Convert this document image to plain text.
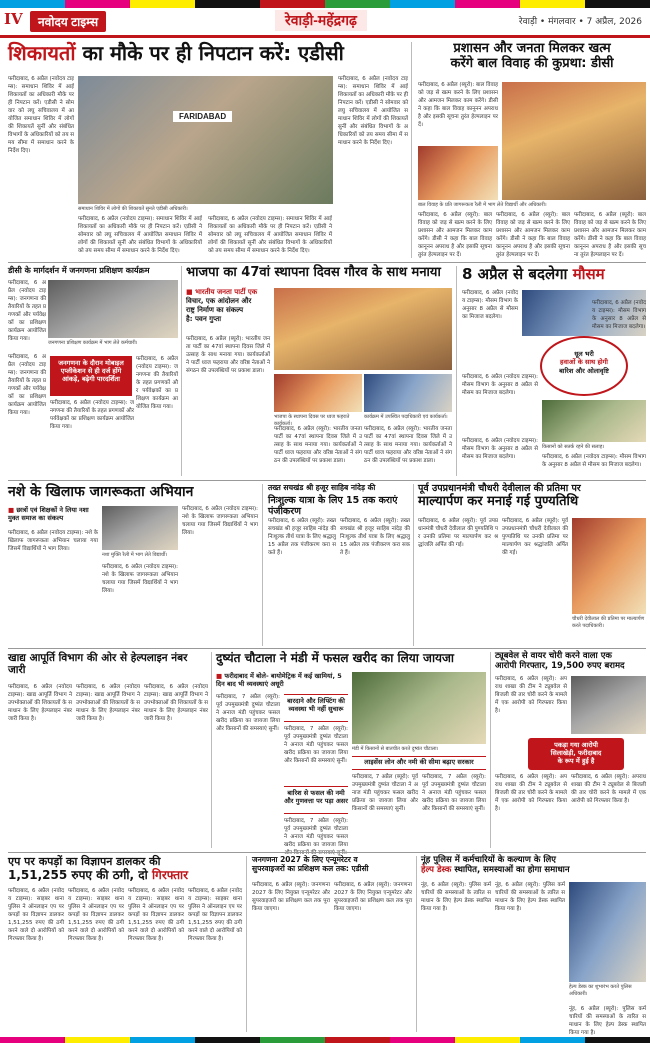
IV	नवोदय टाइम्स	रेवाड़ी-महेंद्रगढ़	रेवाड़ी • मंगलवार • 7 अप्रैल, 2026
शिकायतों का मौके पर ही निपटान करें: एडीसी
फरीदाबाद, 6 अप्रैल (नवोदय टाइम्स): समाधान शिविर में आई शिकायतों का अधिकारी मौके पर ही निपटान करें। एडीसी ने सोमवार को लघु सचिवालय में आयोजित समाधान शिविर में लोगों की शिकायतें सुनीं और संबंधित विभागों के अधिकारियों को तय समय सीमा में समाधान करने के निर्देश दिए।
FARIDABAD
समाधान शिविर में लोगों की शिकायतें सुनते एडीसी अधिकारी।
फरीदाबाद, 6 अप्रैल (नवोदय टाइम्स): समाधान शिविर में आई शिकायतों का अधिकारी मौके पर ही निपटान करें। एडीसी ने सोमवार को लघु सचिवालय में आयोजित समाधान शिविर में लोगों की शिकायतें सुनीं और संबंधित विभागों के अधिकारियों को तय समय सीमा में समाधान करने के निर्देश दिए।
फरीदाबाद, 6 अप्रैल (नवोदय टाइम्स): समाधान शिविर में आई शिकायतों का अधिकारी मौके पर ही निपटान करें। एडीसी ने सोमवार को लघु सचिवालय में आयोजित समाधान शिविर में लोगों की शिकायतें सुनीं और संबंधित विभागों के अधिकारियों को तय समय सीमा में समाधान करने के निर्देश दिए।
फरीदाबाद, 6 अप्रैल (नवोदय टाइम्स): समाधान शिविर में आई शिकायतों का अधिकारी मौके पर ही निपटान करें। एडीसी ने सोमवार को लघु सचिवालय में आयोजित समाधान शिविर में लोगों की शिकायतें सुनीं और संबंधित विभागों के अधिकारियों को तय समय सीमा में समाधान करने के निर्देश दिए।
प्रशासन और जनता मिलकर खत्म
करेंगे बाल विवाह की कुप्रथा: डीसी
फरीदाबाद, 6 अप्रैल (ब्यूरो): बाल विवाह को जड़ से खत्म करने के लिए प्रशासन और आमजन मिलकर काम करेंगे। डीसी ने कहा कि बाल विवाह कानूनन अपराध है और इसकी सूचना तुरंत हेल्पलाइन पर दें।
बाल विवाह के प्रति जागरूकता रैली में भाग लेते विद्यार्थी और अधिकारी।
फरीदाबाद, 6 अप्रैल (ब्यूरो): बाल विवाह को जड़ से खत्म करने के लिए प्रशासन और आमजन मिलकर काम करेंगे। डीसी ने कहा कि बाल विवाह कानूनन अपराध है और इसकी सूचना तुरंत हेल्पलाइन पर दें।
फरीदाबाद, 6 अप्रैल (ब्यूरो): बाल विवाह को जड़ से खत्म करने के लिए प्रशासन और आमजन मिलकर काम करेंगे। डीसी ने कहा कि बाल विवाह कानूनन अपराध है और इसकी सूचना तुरंत हेल्पलाइन पर दें।
फरीदाबाद, 6 अप्रैल (ब्यूरो): बाल विवाह को जड़ से खत्म करने के लिए प्रशासन और आमजन मिलकर काम करेंगे। डीसी ने कहा कि बाल विवाह कानूनन अपराध है और इसकी सूचना तुरंत हेल्पलाइन पर दें।
डीसी के मार्गदर्शन में जनगणना प्रशिक्षण कार्यक्रम
फरीदाबाद, 6 अप्रैल (नवोदय टाइम्स): जनगणना की तैयारियों के तहत प्रगणकों और पर्यवेक्षकों का प्रशिक्षण कार्यक्रम आयोजित किया गया।
जनगणना प्रशिक्षण कार्यक्रम में भाग लेते कर्मचारी।
फरीदाबाद, 6 अप्रैल (नवोदय टाइम्स): जनगणना की तैयारियों के तहत प्रगणकों और पर्यवेक्षकों का प्रशिक्षण कार्यक्रम आयोजित किया गया।
जनगणना के दौरान मोबाइल एप्लीकेशन से ही दर्ज होंगे आंकड़े, बढ़ेगी पारदर्शिता
फरीदाबाद, 6 अप्रैल (नवोदय टाइम्स): जनगणना की तैयारियों के तहत प्रगणकों और पर्यवेक्षकों का प्रशिक्षण कार्यक्रम आयोजित किया गया।
फरीदाबाद, 6 अप्रैल (नवोदय टाइम्स): जनगणना की तैयारियों के तहत प्रगणकों और पर्यवेक्षकों का प्रशिक्षण कार्यक्रम आयोजित किया गया।
भाजपा का 47वां स्थापना दिवस गौरव के साथ मनाया
■ भारतीय जनता पार्टी एक
विचार, एक आंदोलन और
राष्ट्र निर्माण का संकल्प
है: पवन गुप्ता
फरीदाबाद, 6 अप्रैल (ब्यूरो): भारतीय जनता पार्टी का 47वां स्थापना दिवस जिले में उत्साह के साथ मनाया गया। कार्यकर्ताओं ने पार्टी ध्वज फहराया और वरिष्ठ नेताओं ने संगठन की उपलब्धियों पर प्रकाश डाला।
भाजपा के स्थापना दिवस पर ध्वज फहराते कार्यकर्ता।
कार्यक्रम में उपस्थित पदाधिकारी एवं कार्यकर्ता।
फरीदाबाद, 6 अप्रैल (ब्यूरो): भारतीय जनता पार्टी का 47वां स्थापना दिवस जिले में उत्साह के साथ मनाया गया। कार्यकर्ताओं ने पार्टी ध्वज फहराया और वरिष्ठ नेताओं ने संगठन की उपलब्धियों पर प्रकाश डाला।
फरीदाबाद, 6 अप्रैल (ब्यूरो): भारतीय जनता पार्टी का 47वां स्थापना दिवस जिले में उत्साह के साथ मनाया गया। कार्यकर्ताओं ने पार्टी ध्वज फहराया और वरिष्ठ नेताओं ने संगठन की उपलब्धियों पर प्रकाश डाला।
8 अप्रैल से बदलेगा मौसम
फरीदाबाद, 6 अप्रैल (नवोदय टाइम्स): मौसम विभाग के अनुसार 8 अप्रैल से मौसम का मिजाज बदलेगा।
धूल भरी
हवाओं के साथ होगी
बारिश और ओलावृष्टि
फरीदाबाद, 6 अप्रैल (नवोदय टाइम्स): मौसम विभाग के अनुसार 8 अप्रैल से मौसम का मिजाज बदलेगा।
फरीदाबाद, 6 अप्रैल (नवोदय टाइम्स): मौसम विभाग के अनुसार 8 अप्रैल से मौसम का मिजाज बदलेगा।
किसानों को सतर्क रहने की सलाह।
फरीदाबाद, 6 अप्रैल (नवोदय टाइम्स): मौसम विभाग के अनुसार 8 अप्रैल से मौसम का मिजाज बदलेगा।	फरीदाबाद, 6 अप्रैल (नवोदय टाइम्स): मौसम विभाग के अनुसार 8 अप्रैल से मौसम का मिजाज बदलेगा।
नशे के खिलाफ जागरूकता अभियान
■ छात्रों एवं शिक्षकों ने लिया नशा मुक्त समाज का संकल्प
फरीदाबाद, 6 अप्रैल (नवोदय टाइम्स): नशे के खिलाफ जागरूकता अभियान चलाया गया जिसमें विद्यार्थियों ने भाग लिया।
नशा मुक्ति रैली में भाग लेते विद्यार्थी।
फरीदाबाद, 6 अप्रैल (नवोदय टाइम्स): नशे के खिलाफ जागरूकता अभियान चलाया गया जिसमें विद्यार्थियों ने भाग लिया।
फरीदाबाद, 6 अप्रैल (नवोदय टाइम्स): नशे के खिलाफ जागरूकता अभियान चलाया गया जिसमें विद्यार्थियों ने भाग लिया।
तख्त सचखंड श्री हजूर साहिब नांदेड़ की
निःशुल्क यात्रा के लिए 15 तक कराएं पंजीकरण
फरीदाबाद, 6 अप्रैल (ब्यूरो): तख्त सचखंड श्री हजूर साहिब नांदेड़ की निःशुल्क तीर्थ यात्रा के लिए श्रद्धालु 15 अप्रैल तक पंजीकरण करा सकते हैं।
फरीदाबाद, 6 अप्रैल (ब्यूरो): तख्त सचखंड श्री हजूर साहिब नांदेड़ की निःशुल्क तीर्थ यात्रा के लिए श्रद्धालु 15 अप्रैल तक पंजीकरण करा सकते हैं।
पूर्व उपप्रधानमंत्री चौधरी देवीलाल की प्रतिमा पर
माल्यार्पण कर मनाई गई पुण्यतिथि
फरीदाबाद, 6 अप्रैल (ब्यूरो): पूर्व उपप्रधानमंत्री चौधरी देवीलाल की पुण्यतिथि पर उनकी प्रतिमा पर माल्यार्पण कर श्रद्धांजलि अर्पित की गई।
फरीदाबाद, 6 अप्रैल (ब्यूरो): पूर्व उपप्रधानमंत्री चौधरी देवीलाल की पुण्यतिथि पर उनकी प्रतिमा पर माल्यार्पण कर श्रद्धांजलि अर्पित की गई।
चौधरी देवीलाल की प्रतिमा पर माल्यार्पण करते पदाधिकारी।
खाद्य आपूर्ति विभाग की ओर से हेल्पलाइन नंबर जारी
फरीदाबाद, 6 अप्रैल (नवोदय टाइम्स): खाद्य आपूर्ति विभाग ने उपभोक्ताओं की शिकायतों के समाधान के लिए हेल्पलाइन नंबर जारी किया है।
फरीदाबाद, 6 अप्रैल (नवोदय टाइम्स): खाद्य आपूर्ति विभाग ने उपभोक्ताओं की शिकायतों के समाधान के लिए हेल्पलाइन नंबर जारी किया है।
फरीदाबाद, 6 अप्रैल (नवोदय टाइम्स): खाद्य आपूर्ति विभाग ने उपभोक्ताओं की शिकायतों के समाधान के लिए हेल्पलाइन नंबर जारी किया है।
दुष्यंत चौटाला ने मंडी में फसल खरीद का लिया जायजा
■ फरीदाबाद में बोले- बायोमेट्रिक में कई खामियां, 5 दिन बाद भी व्यवस्थाएं अधूरी
फरीदाबाद, 7 अप्रैल (ब्यूरो): पूर्व उपमुख्यमंत्री दुष्यंत चौटाला ने अनाज मंडी पहुंचकर फसल खरीद प्रक्रिया का जायजा लिया और किसानों की समस्याएं सुनीं।
बारदाने और लिफ्टिंग की व्यवस्था भी नहीं सुचारू
फरीदाबाद, 7 अप्रैल (ब्यूरो): पूर्व उपमुख्यमंत्री दुष्यंत चौटाला ने अनाज मंडी पहुंचकर फसल खरीद प्रक्रिया का जायजा लिया और किसानों की समस्याएं सुनीं।
बारिश से फसल की नमी और गुणवत्ता पर पड़ा असर
फरीदाबाद, 7 अप्रैल (ब्यूरो): पूर्व उपमुख्यमंत्री दुष्यंत चौटाला ने अनाज मंडी पहुंचकर फसल खरीद प्रक्रिया का जायजा लिया
मंडी में किसानों से बातचीत करते दुष्यंत चौटाला।
लाइसेंस लोन और नमी की सीमा बढ़ाए सरकार
फरीदाबाद, 7 अप्रैल (ब्यूरो): पूर्व उपमुख्यमंत्री दुष्यंत चौटाला ने अनाज मंडी पहुंचकर फसल खरीद प्रक्रिया का जायजा लिया और किसानों की समस्याएं सुनीं।
फरीदाबाद, 7 अप्रैल (ब्यूरो): पूर्व उपमुख्यमंत्री दुष्यंत चौटाला ने अनाज मंडी पहुंचकर फसल खरीद प्रक्रिया का जायजा लिया और किसानों की समस्याएं सुनीं।
ट्यूबवेल से वायर चोरी करने वाला एक
आरोपी गिरफ्तार, 19,500 रुपए बरामद
फरीदाबाद, 6 अप्रैल (ब्यूरो): अपराध शाखा की टीम ने ट्यूबवेल से बिजली की तार चोरी करने के मामले में एक आरोपी को गिरफ्तार किया है।
पकड़ा गया आरोपी
सिलाखेड़ी, फरीदाबाद
के रूप में हुई है
फरीदाबाद, 6 अप्रैल (ब्यूरो): अपराध शाखा की टीम ने ट्यूबवेल से बिजली की तार चोरी करने के मामले में एक आरोपी को गिरफ्तार किया है।
फरीदाबाद, 6 अप्रैल (ब्यूरो): अपराध शाखा की टीम ने ट्यूबवेल से बिजली की तार चोरी करने के मामले में एक आरोपी को गिरफ्तार किया है।
एप पर कपड़ों का विज्ञापन डालकर की
1,51,255 रुपए की ठगी, दो गिरफ्तार
फरीदाबाद, 6 अप्रैल (नवोदय टाइम्स): साइबर थाना पुलिस ने ऑनलाइन एप पर कपड़ों का विज्ञापन डालकर 1,51,255 रुपए की ठगी करने वाले दो आरोपियों को गिरफ्तार किया है।
फरीदाबाद, 6 अप्रैल (नवोदय टाइम्स): साइबर थाना पुलिस ने ऑनलाइन एप पर कपड़ों का विज्ञापन डालकर 1,51,255 रुपए की ठगी करने वाले दो आरोपियों को गिरफ्तार किया है।
फरीदाबाद, 6 अप्रैल (नवोदय टाइम्स): साइबर थाना पुलिस ने ऑनलाइन एप पर कपड़ों का विज्ञापन डालकर 1,51,255 रुपए की ठगी करने वाले दो आरोपियों को गिरफ्तार किया है।
फरीदाबाद, 6 अप्रैल (नवोदय टाइम्स): साइबर थाना पुलिस ने ऑनलाइन एप पर कपड़ों का विज्ञापन डालकर 1,51,255 रुपए की ठगी करने वाले दो आरोपियों को गिरफ्तार किया है।
जनगणना 2027 के लिए एन्यूमरेटर व
सुपरवाइजरों का प्रशिक्षण कल तक: एडीसी
फरीदाबाद, 6 अप्रैल (ब्यूरो): जनगणना 2027 के लिए नियुक्त एन्यूमरेटर और सुपरवाइजरों का प्रशिक्षण कल तक पूरा किया जाएगा।
फरीदाबाद, 6 अप्रैल (ब्यूरो): जनगणना 2027 के लिए नियुक्त एन्यूमरेटर और सुपरवाइजरों का प्रशिक्षण कल तक पूरा किया जाएगा।
नूंह पुलिस में कर्मचारियों के कल्याण के लिए
हेल्प डेस्क स्थापित, समस्याओं का होगा समाधान
नूंह, 6 अप्रैल (ब्यूरो): पुलिस कर्मचारियों की समस्याओं के त्वरित समाधान के लिए हेल्प डेस्क स्थापित किया गया है।
नूंह, 6 अप्रैल (ब्यूरो): पुलिस कर्मचारियों की समस्याओं के त्वरित समाधान के लिए हेल्प डेस्क स्थापित किया गया है।
हेल्प डेस्क का शुभारंभ करते पुलिस अधिकारी।
नूंह, 6 अप्रैल (ब्यूरो): पुलिस कर्मचारियों की समस्याओं के त्वरित समाधान के लिए हेल्प डेस्क स्थापित किया गया है।
